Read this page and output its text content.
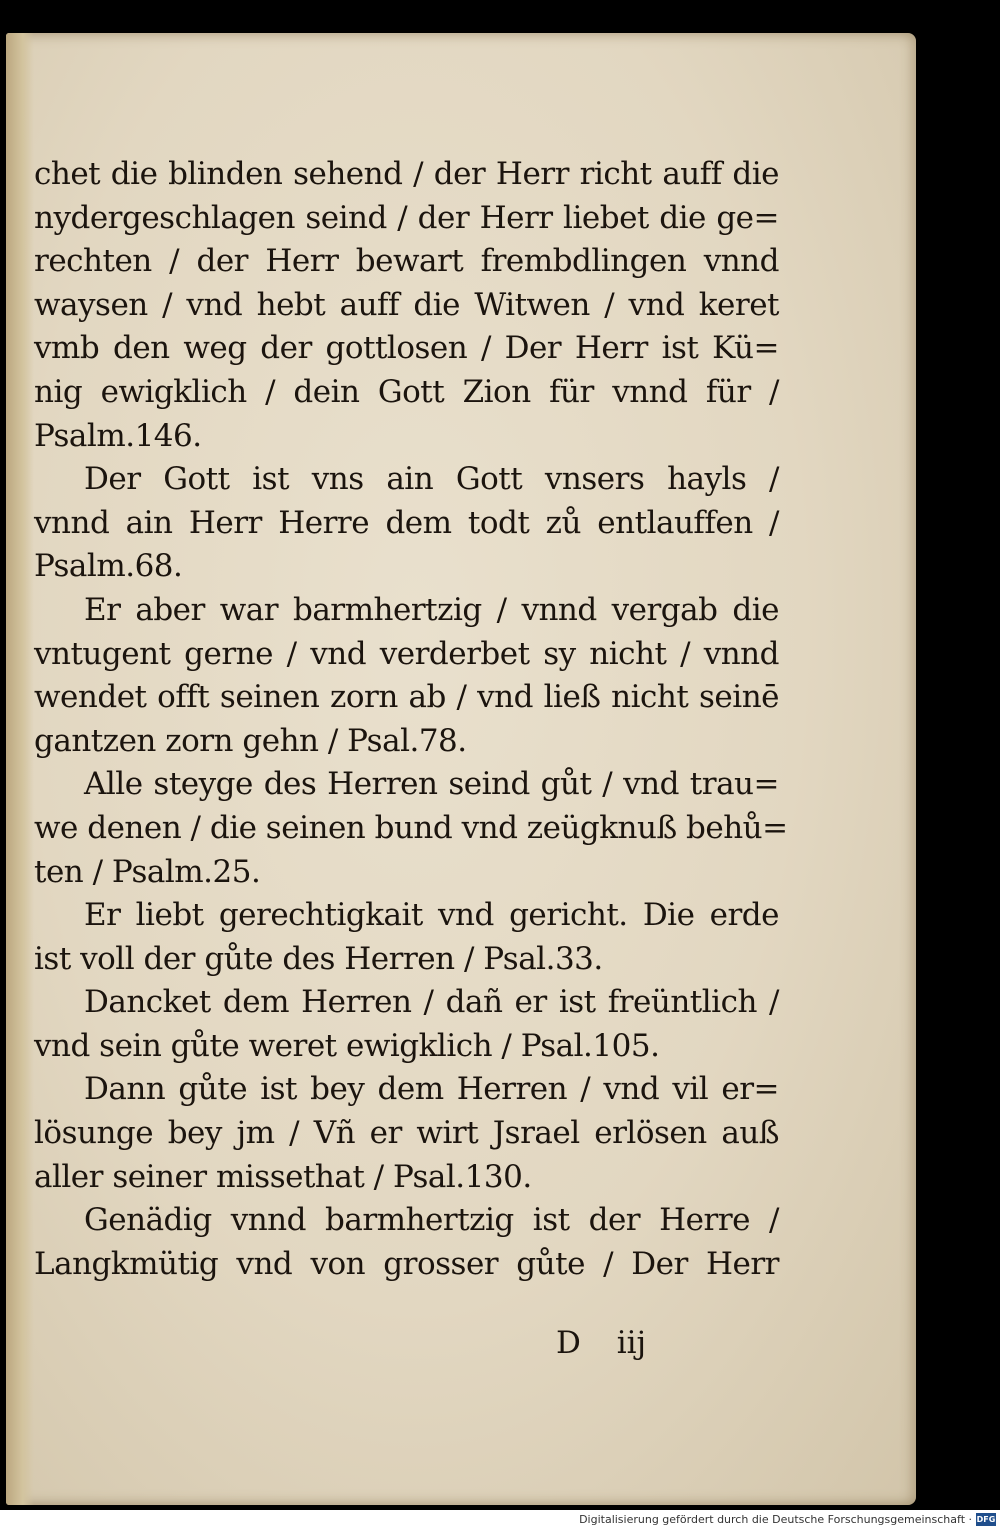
chet die blinden sehend / der Herr richt auff die
nydergeschlagen seind / der Herr liebet die ge=
rechten / der Herr bewart frembdlingen vnnd
waysen / vnd hebt auff die Witwen / vnd keret
vmb den weg der gottlosen / Der Herr ist Kü=
nig ewigklich / dein Gott Zion für vnnd für /
Psalm.146.
Der Gott ist vns ain Gott vnsers hayls /
vnnd ain Herr Herre dem todt zů entlauffen /
Psalm.68.
Er aber war barmhertzig / vnnd vergab die
vntugent gerne / vnd verderbet sy nicht / vnnd
wendet offt seinen zorn ab / vnd ließ nicht seinē
gantzen zorn gehn / Psal.78.
Alle steyge des Herren seind gůt / vnd trau=
we denen / die seinen bund vnd zeügknuß behů=
ten / Psalm.25.
Er liebt gerechtigkait vnd gericht. Die erde
ist voll der gůte des Herren / Psal.33.
Dancket dem Herren / dañ er ist freüntlich /
vnd sein gůte weret ewigklich / Psal.105.
Dann gůte ist bey dem Herren / vnd vil er=
lösunge bey jm / Vñ er wirt Jsrael erlösen auß
aller seiner missethat / Psal.130.
Genädig vnnd barmhertzig ist der Herre /
Langkmütig vnd von grosser gůte / Der Herr
D iij
Digitalisierung gefördert durch die Deutsche Forschungsgemeinschaft · DFG
